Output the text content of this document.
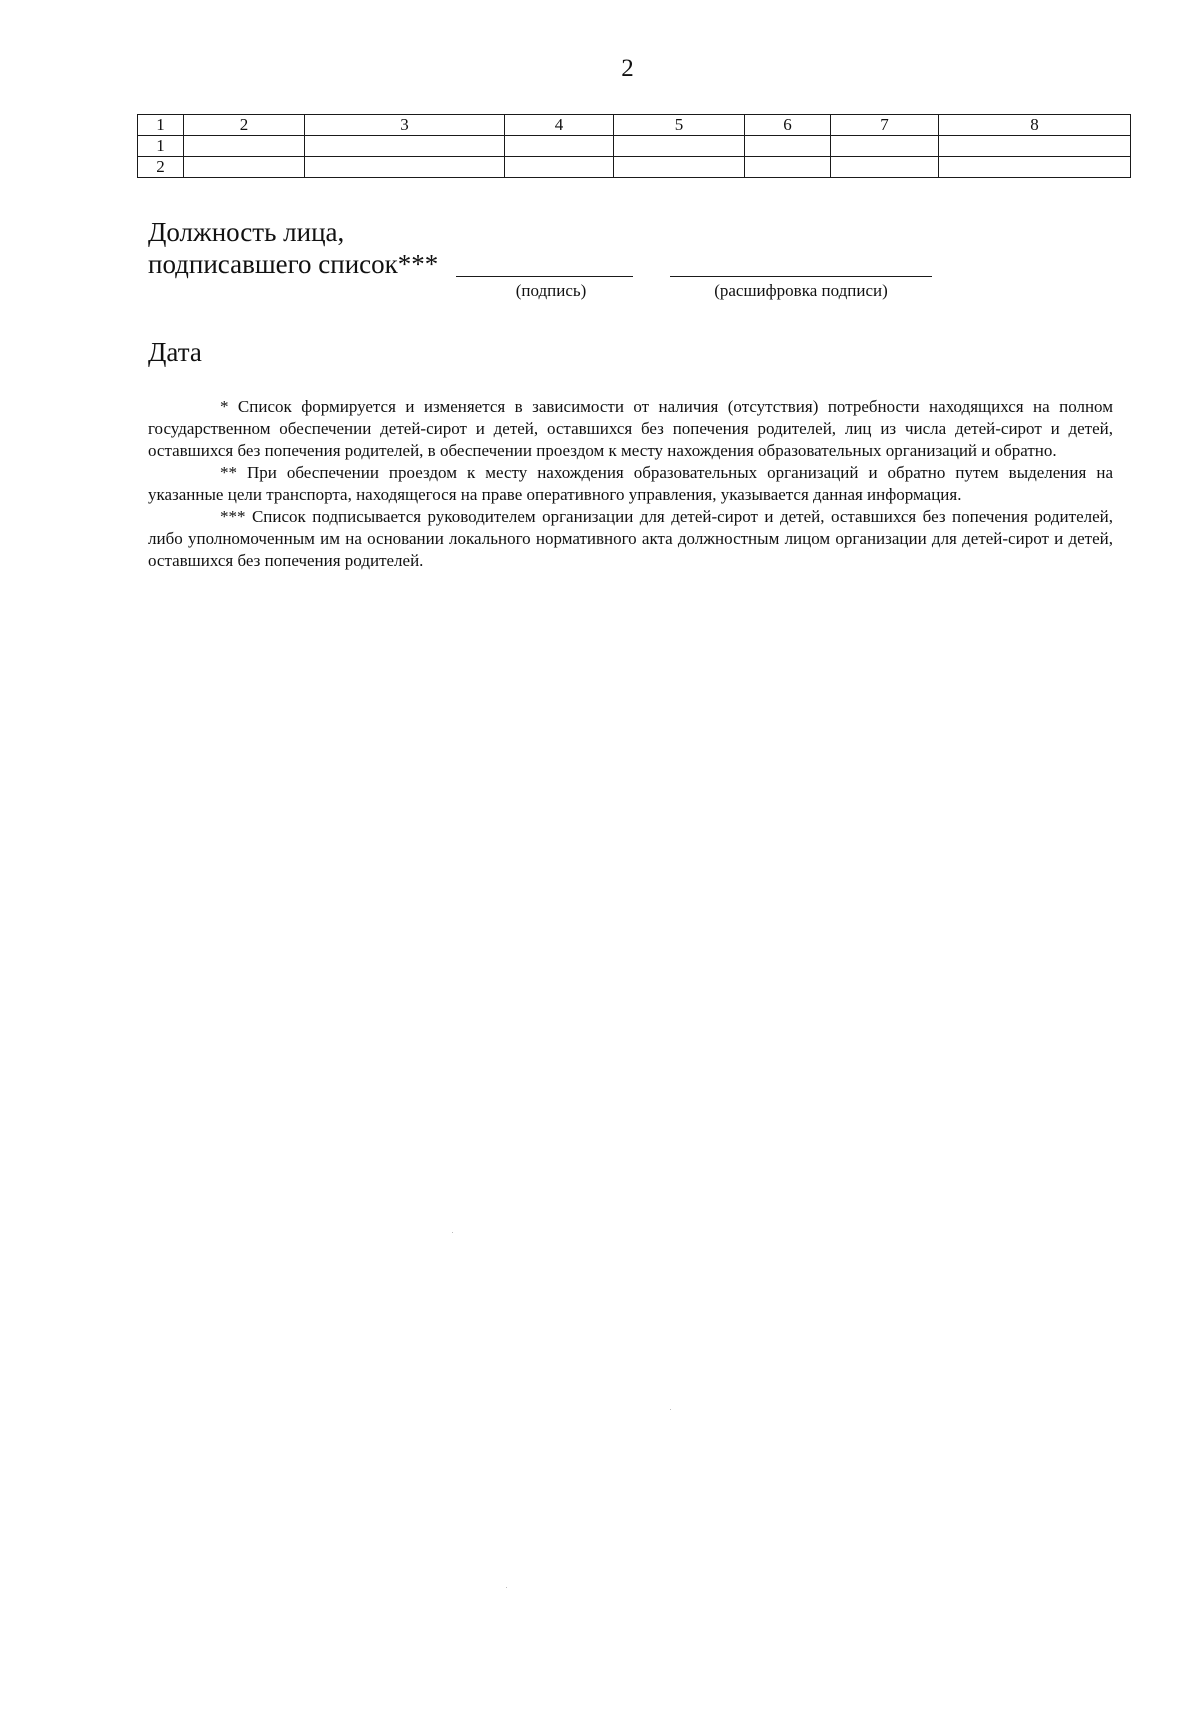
2
1	2	3	4	5	6	7	8
1							
2							
Должность лица,
подписавшего список***
(подпись)	(расшифровка подписи)
Дата

* Список формируется и изменяется в зависимости от наличия (отсутствия) потребности находящихся на полном государственном обеспечении детей-сирот и детей, оставшихся без попечения родителей, лиц из числа детей-сирот и детей, оставшихся без попечения родителей, в обеспечении проездом к месту нахождения образовательных организаций и обратно.

** При обеспечении проездом к месту нахождения образовательных организаций и обратно путем выделения на указанные цели транспорта, находящегося на праве оперативного управления, указывается данная информация.

*** Список подписывается руководителем организации для детей-сирот и детей, оставшихся без попечения родителей, либо уполномоченным им на основании локального нормативного акта должностным лицом организации для детей-сирот и детей, оставшихся без попечения родителей.
